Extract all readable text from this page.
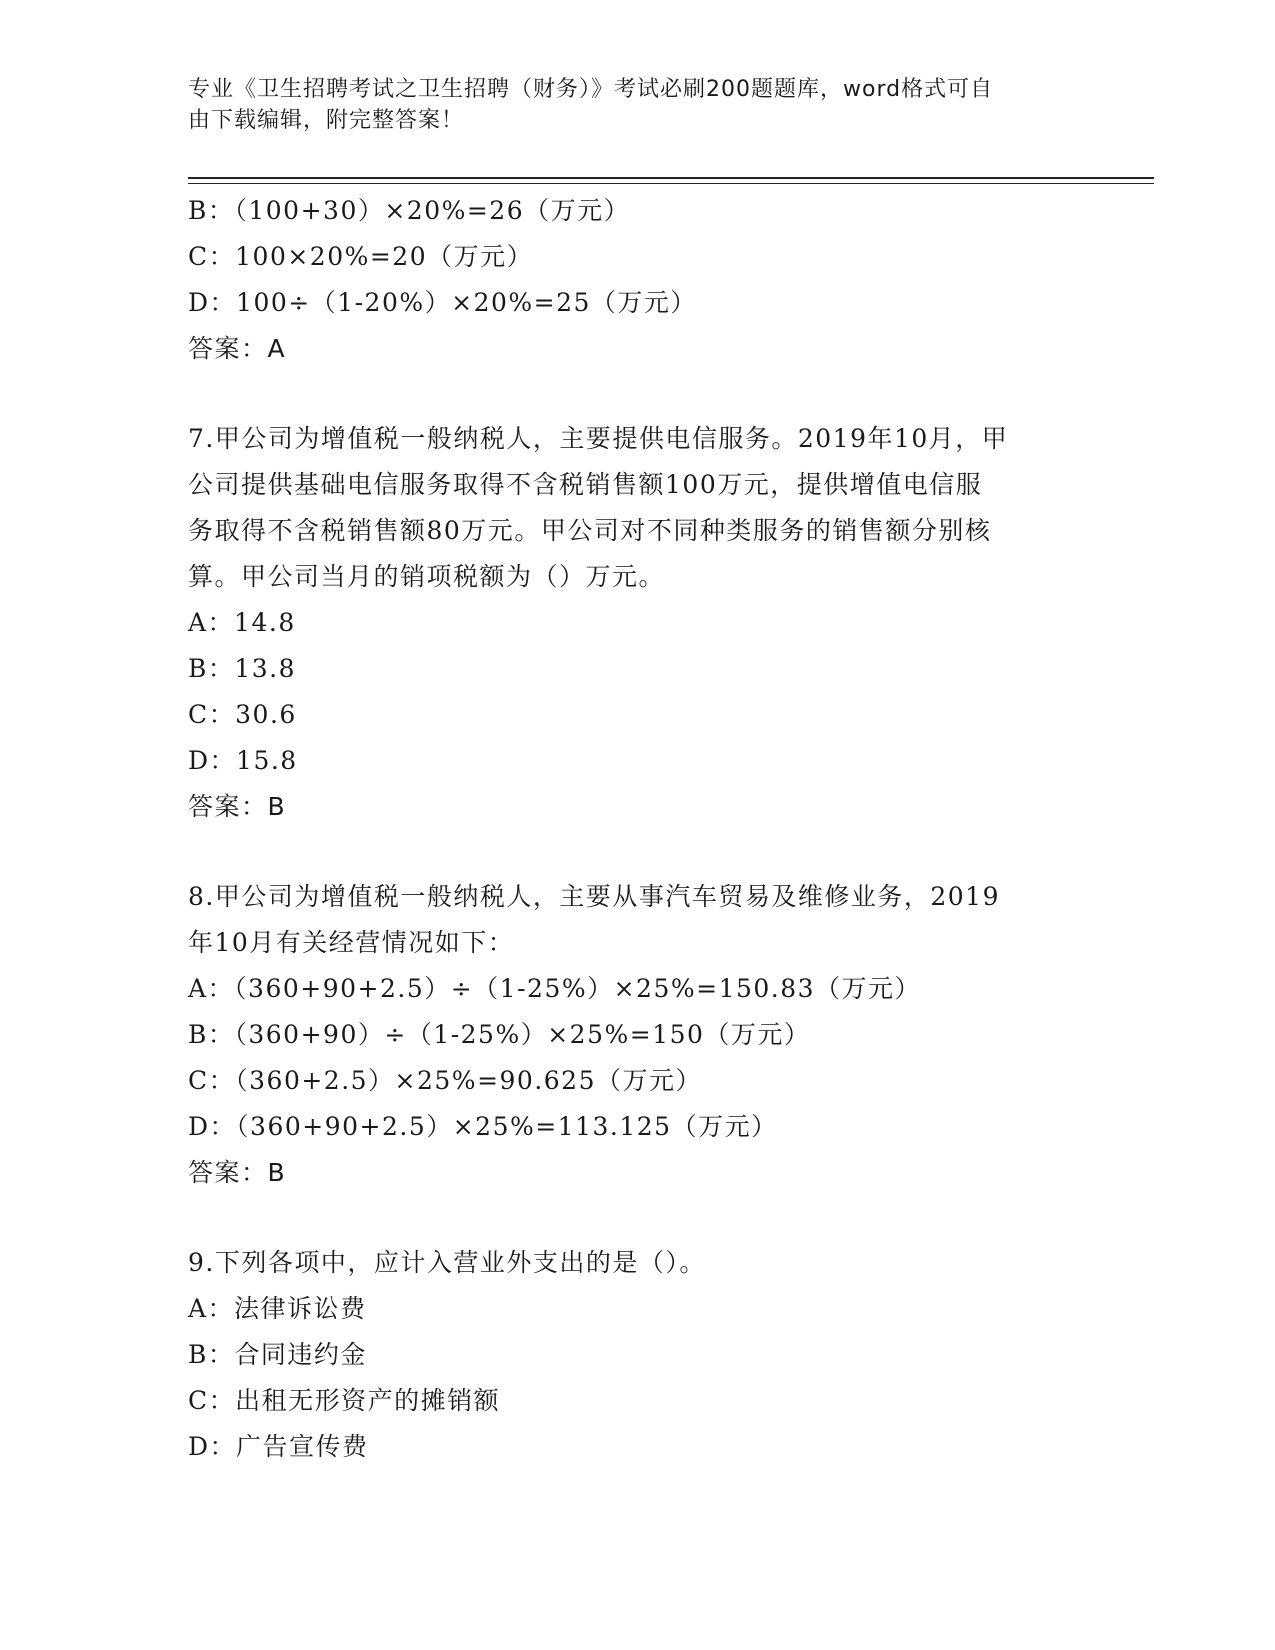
专业《卫生招聘考试之卫生招聘（财务）》考试必刷200题题库，word格式可自
由下载编辑，附完整答案！
B：（100+30）×20%=26（万元）
C：100×20%=20（万元）
D：100÷（1-20%）×20%=25（万元）
答案：A
7.甲公司为增值税一般纳税人，主要提供电信服务。2019年10月，甲
公司提供基础电信服务取得不含税销售额100万元，提供增值电信服
务取得不含税销售额80万元。甲公司对不同种类服务的销售额分别核
算。甲公司当月的销项税额为（）万元。
A：14.8
B：13.8
C：30.6
D：15.8
答案：B
8.甲公司为增值税一般纳税人，主要从事汽车贸易及维修业务，2019
年10月有关经营情况如下：
A：（360+90+2.5）÷（1-25%）×25%=150.83（万元）
B：（360+90）÷（1-25%）×25%=150（万元）
C：（360+2.5）×25%=90.625（万元）
D：（360+90+2.5）×25%=113.125（万元）
答案：B
9.下列各项中，应计入营业外支出的是（）。
A：法律诉讼费
B：合同违约金
C：出租无形资产的摊销额
D：广告宣传费
